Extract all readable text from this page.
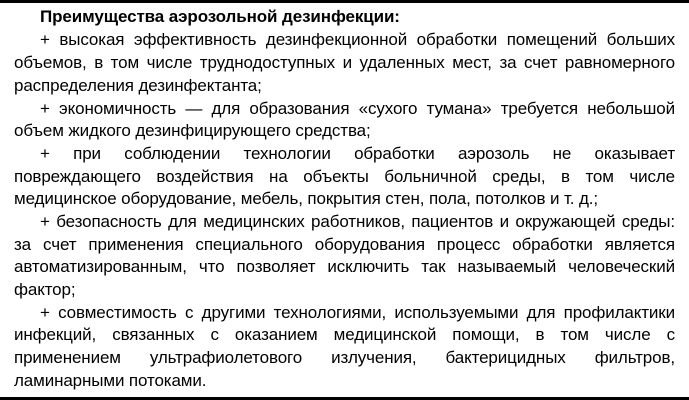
Преимущества аэрозольной дезинфекции:

+ высокая эффективность дезинфекционной обработки помещений больших объемов, в том числе труднодоступных и удаленных мест, за счет равномерного распределения дезинфектанта;

+ экономичность — для образования «сухого тумана» требуется небольшой объем жидкого дезинфицирующего средства;

+ при соблюдении технологии обработки аэрозоль не оказывает повреждающего воздействия на объекты больничной среды, в том числе медицинское оборудование, мебель, покрытия стен, пола, потолков и т. д.;

+ безопасность для медицинских работников, пациентов и окружающей среды: за счет применения специального оборудования процесс обработки является автоматизированным, что позволяет исключить так называемый человеческий фактор;

+ совместимость с другими технологиями, используемыми для профилактики инфекций, связанных с оказанием медицинской помощи, в том числе с применением ультрафиолетового излучения, бактерицидных фильтров, ламинарными потоками.
